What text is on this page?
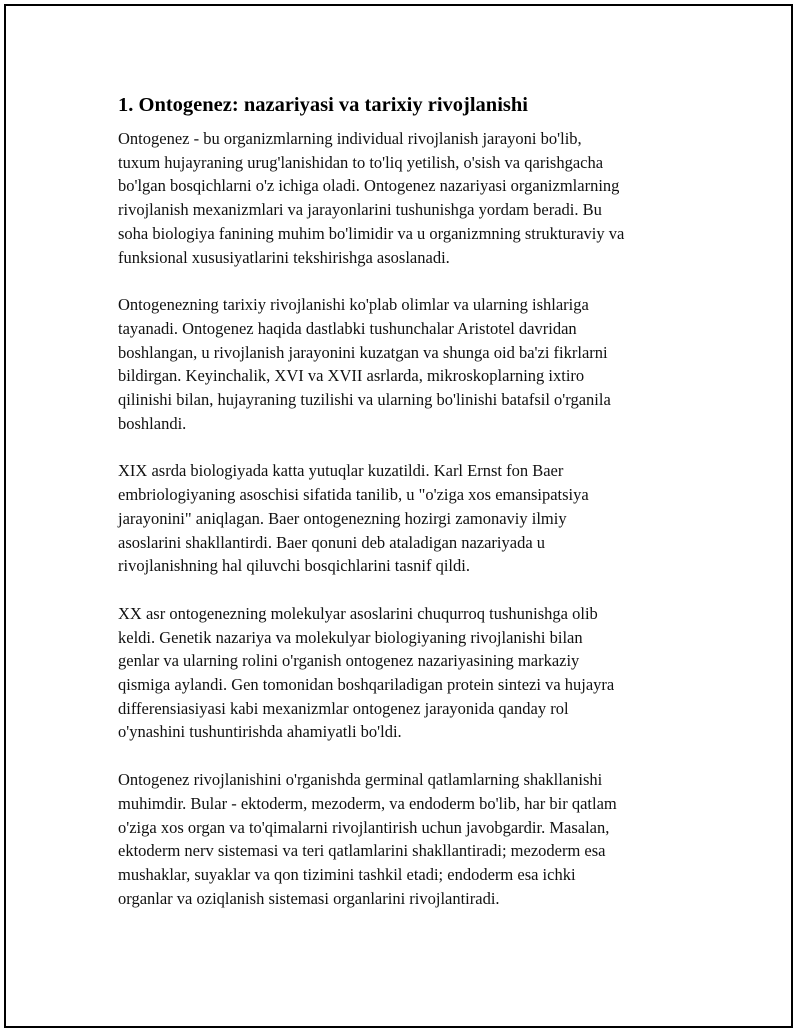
1. Ontogenez: nazariyasi va tarixiy rivojlanishi

Ontogenez - bu organizmlarning individual rivojlanish jarayoni bo'lib,
tuxum hujayraning urug'lanishidan to to'liq yetilish, o'sish va qarishgacha
bo'lgan bosqichlarni o'z ichiga oladi. Ontogenez nazariyasi organizmlarning
rivojlanish mexanizmlari va jarayonlarini tushunishga yordam beradi. Bu
soha biologiya fanining muhim bo'limidir va u organizmning strukturaviy va
funksional xususiyatlarini tekshirishga asoslanadi.

Ontogenezning tarixiy rivojlanishi ko'plab olimlar va ularning ishlariga
tayanadi. Ontogenez haqida dastlabki tushunchalar Aristotel davridan
boshlangan, u rivojlanish jarayonini kuzatgan va shunga oid ba'zi fikrlarni
bildirgan. Keyinchalik, XVI va XVII asrlarda, mikroskoplarning ixtiro
qilinishi bilan, hujayraning tuzilishi va ularning bo'linishi batafsil o'rganila
boshlandi.

XIX asrda biologiyada katta yutuqlar kuzatildi. Karl Ernst fon Baer
embriologiyaning asoschisi sifatida tanilib, u "o'ziga xos emansipatsiya
jarayonini" aniqlagan. Baer ontogenezning hozirgi zamonaviy ilmiy
asoslarini shakllantirdi. Baer qonuni deb ataladigan nazariyada u
rivojlanishning hal qiluvchi bosqichlarini tasnif qildi.

XX asr ontogenezning molekulyar asoslarini chuqurroq tushunishga olib
keldi. Genetik nazariya va molekulyar biologiyaning rivojlanishi bilan
genlar va ularning rolini o'rganish ontogenez nazariyasining markaziy
qismiga aylandi. Gen tomonidan boshqariladigan protein sintezi va hujayra
differensiasiyasi kabi mexanizmlar ontogenez jarayonida qanday rol
o'ynashini tushuntirishda ahamiyatli bo'ldi.

Ontogenez rivojlanishini o'rganishda germinal qatlamlarning shakllanishi
muhimdir. Bular - ektoderm, mezoderm, va endoderm bo'lib, har bir qatlam
o'ziga xos organ va to'qimalarni rivojlantirish uchun javobgardir. Masalan,
ektoderm nerv sistemasi va teri qatlamlarini shakllantiradi; mezoderm esa
mushaklar, suyaklar va qon tizimini tashkil etadi; endoderm esa ichki
organlar va oziqlanish sistemasi organlarini rivojlantiradi.
